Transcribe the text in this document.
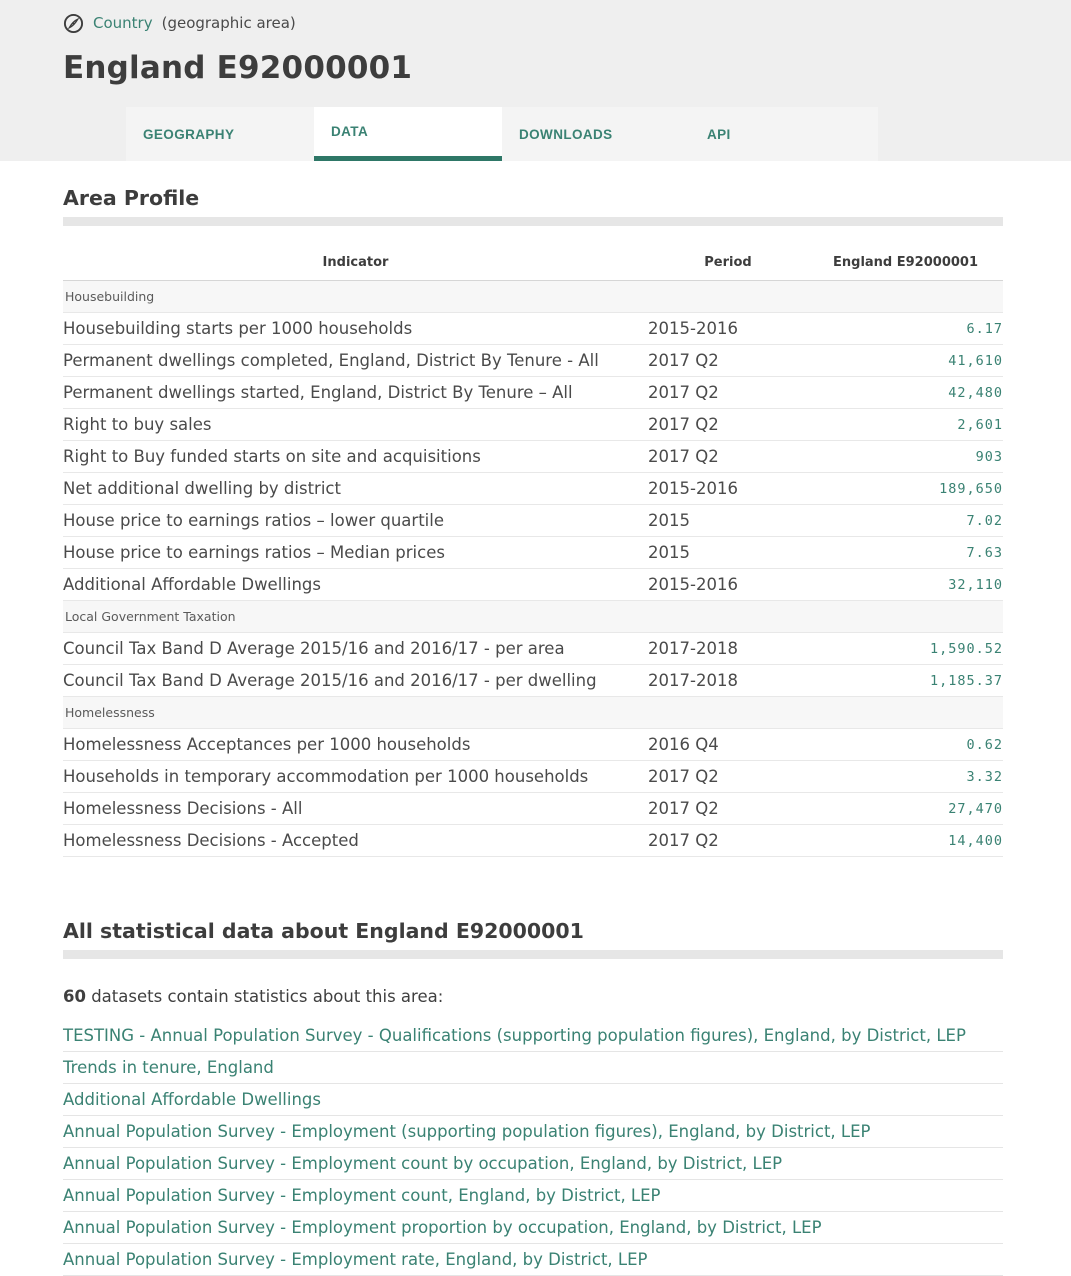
Country (geographic area)
England E92000001
GEOGRAPHY	DATA	DOWNLOADS	API
Area Profile
Indicator	Period	England E92000001
Housebuilding		
Housebuilding starts per 1000 households	2015-2016	6.17
Permanent dwellings completed, England, District By Tenure - All	2017 Q2	41,610
Permanent dwellings started, England, District By Tenure – All	2017 Q2	42,480
Right to buy sales	2017 Q2	2,601
Right to Buy funded starts on site and acquisitions	2017 Q2	903
Net additional dwelling by district	2015-2016	189,650
House price to earnings ratios – lower quartile	2015	7.02
House price to earnings ratios – Median prices	2015	7.63
Additional Affordable Dwellings	2015-2016	32,110
Local Government Taxation		
Council Tax Band D Average 2015/16 and 2016/17 - per area	2017-2018	1,590.52
Council Tax Band D Average 2015/16 and 2016/17 - per dwelling	2017-2018	1,185.37
Homelessness		
Homelessness Acceptances per 1000 households	2016 Q4	0.62
Households in temporary accommodation per 1000 households	2017 Q2	3.32
Homelessness Decisions - All	2017 Q2	27,470
Homelessness Decisions - Accepted	2017 Q2	14,400
All statistical data about England E92000001

60 datasets contain statistics about this area:

TESTING - Annual Population Survey - Qualifications (supporting population figures), England, by District, LEP
Trends in tenure, England
Additional Affordable Dwellings
Annual Population Survey - Employment (supporting population figures), England, by District, LEP
Annual Population Survey - Employment count by occupation, England, by District, LEP
Annual Population Survey - Employment count, England, by District, LEP
Annual Population Survey - Employment proportion by occupation, England, by District, LEP
Annual Population Survey - Employment rate, England, by District, LEP
